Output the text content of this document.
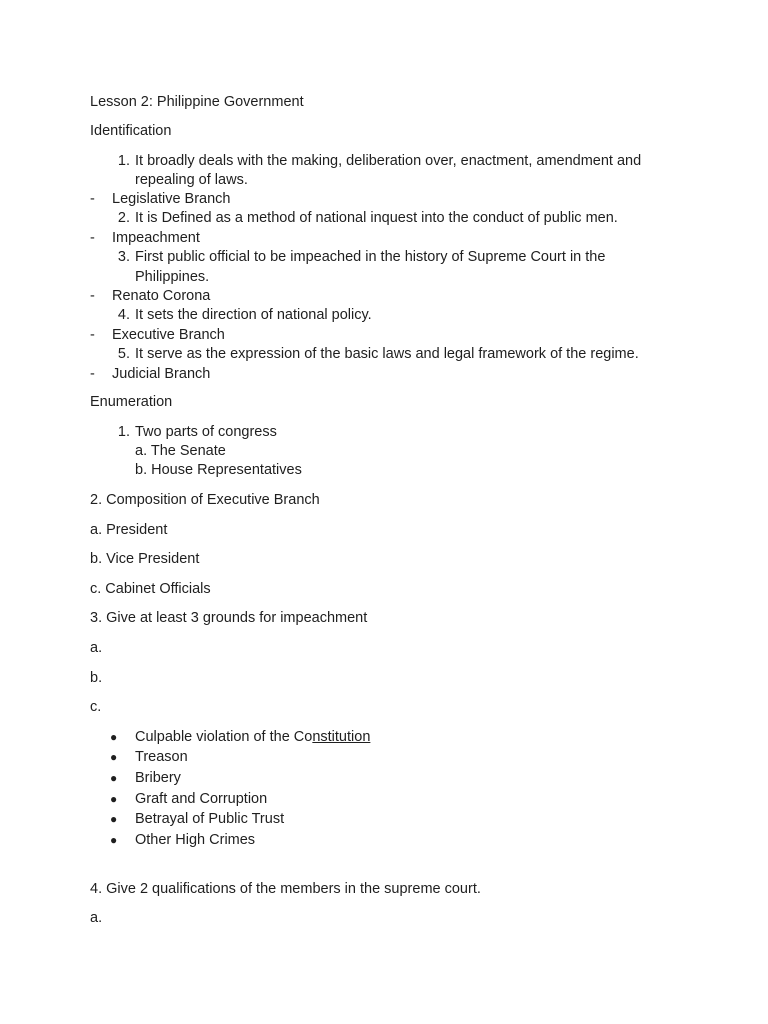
Lesson 2: Philippine Government
Identification
1. It broadly deals with the making, deliberation over, enactment, amendment and
repealing of laws.
- Legislative Branch
2. It is Defined as a method of national inquest into the conduct of public men.
- Impeachment
3. First public official to be impeached in the history of Supreme Court in the
Philippines.
- Renato Corona
4. It sets the direction of national policy.
- Executive Branch
5. It serve as the expression of the basic laws and legal framework of the regime.
- Judicial Branch
Enumeration
1. Two parts of congress
a. The Senate
b. House Representatives
2. Composition of Executive Branch
a. President
b. Vice President
c. Cabinet Officials
3. Give at least 3 grounds for impeachment
a.
b.
c.
● Culpable violation of the Constitution
● Treason
● Bribery
● Graft and Corruption
● Betrayal of Public Trust
● Other High Crimes
4. Give 2 qualifications of the members in the supreme court.
a.
